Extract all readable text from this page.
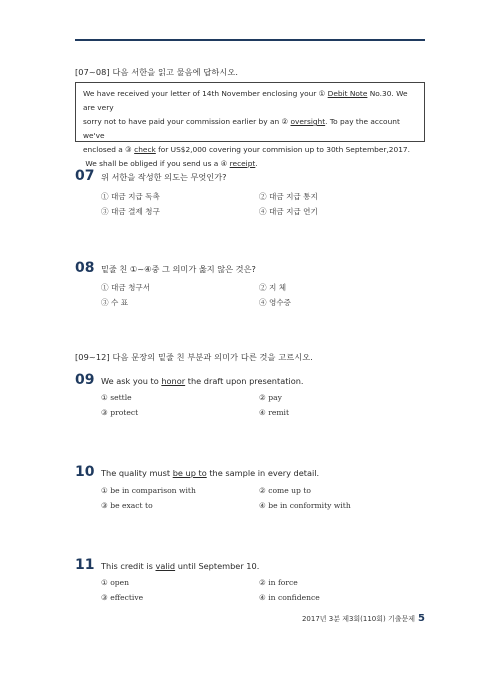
[07~08] 다음 서한을 읽고 물음에 답하시오.

We have received your letter of 14th November enclosing your ① Debit Note No.30. We are very

sorry not to have paid your commission earlier by an ② oversight. To pay the account we've

enclosed a ③ check for US$2,000 covering your commision up to 30th September,2017.

We shall be obliged if you send us a ④ receipt.

07 위 서한을 작성한 의도는 무엇인가?
① 대금 지급 독촉	② 대금 지급 통지
③ 대금 결제 청구	④ 대금 지급 연기
08 밑줄 친 ①~④중 그 의미가 옳지 않은 것은?
① 대금 청구서	② 지 체
③ 수 표	④ 영수증
[09~12] 다음 문장의 밑줄 친 부분과 의미가 다른 것을 고르시오.
09 We ask you to honor the draft upon presentation.
① settle	② pay
③ protect	④ remit
10 The quality must be up to the sample in every detail.
① be in comparison with	② come up to
③ be exact to	④ be in conformity with
11 This credit is valid until September 10.
① open	② in force
③ effective	④ in confidence
2017년 3분 제3회(110회) 기출문제 5
